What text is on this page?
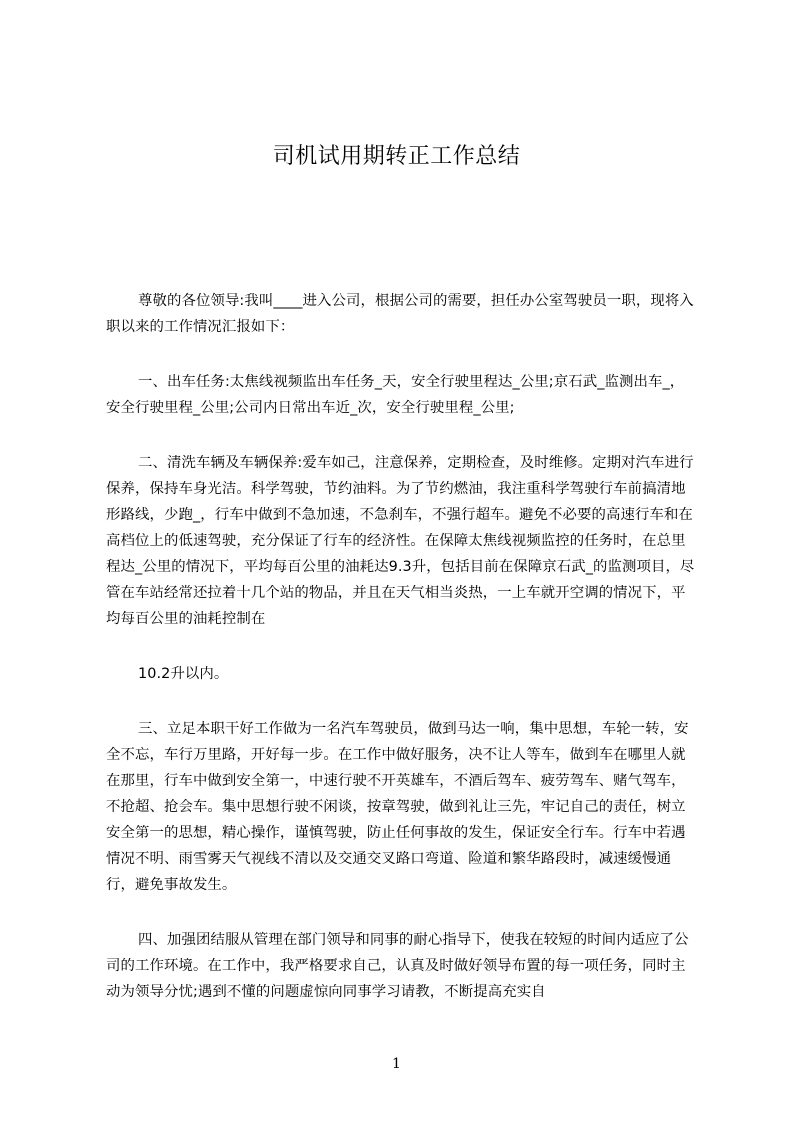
司机试用期转正工作总结

尊敬的各位领导:我叫____进入公司，根据公司的需要，担任办公室驾驶员一职，现将入职以来的工作情况汇报如下：

一、出车任务:太焦线视频监出车任务_天，安全行驶里程达_公里;京石武_监测出车_，安全行驶里程_公里;公司内日常出车近_次，安全行驶里程_公里;

二、清洗车辆及车辆保养:爱车如己，注意保养，定期检查，及时维修。定期对汽车进行保养，保持车身光洁。科学驾驶，节约油料。为了节约燃油，我注重科学驾驶行车前搞清地形路线，少跑_，行车中做到不急加速，不急刹车，不强行超车。避免不必要的高速行车和在高档位上的低速驾驶，充分保证了行车的经济性。在保障太焦线视频监控的任务时，在总里程达_公里的情况下，平均每百公里的油耗达9.3升，包括目前在保障京石武_的监测项目，尽管在车站经常还拉着十几个站的物品，并且在天气相当炎热，一上车就开空调的情况下，平均每百公里的油耗控制在

10.2升以内。

三、立足本职干好工作做为一名汽车驾驶员，做到马达一响，集中思想，车轮一转，安全不忘，车行万里路，开好每一步。在工作中做好服务，决不让人等车，做到车在哪里人就在那里，行车中做到安全第一，中速行驶不开英雄车，不酒后驾车、疲劳驾车、赌气驾车，不抢超、抢会车。集中思想行驶不闲谈，按章驾驶，做到礼让三先，牢记自己的责任，树立安全第一的思想，精心操作，谨慎驾驶，防止任何事故的发生，保证安全行车。行车中若遇情况不明、雨雪雾天气视线不清以及交通交叉路口弯道、险道和繁华路段时，减速缓慢通行，避免事故发生。

四、加强团结服从管理在部门领导和同事的耐心指导下，使我在较短的时间内适应了公司的工作环境。在工作中，我严格要求自己，认真及时做好领导布置的每一项任务，同时主动为领导分忧;遇到不懂的问题虚惊向同事学习请教，不断提高充实自

1
